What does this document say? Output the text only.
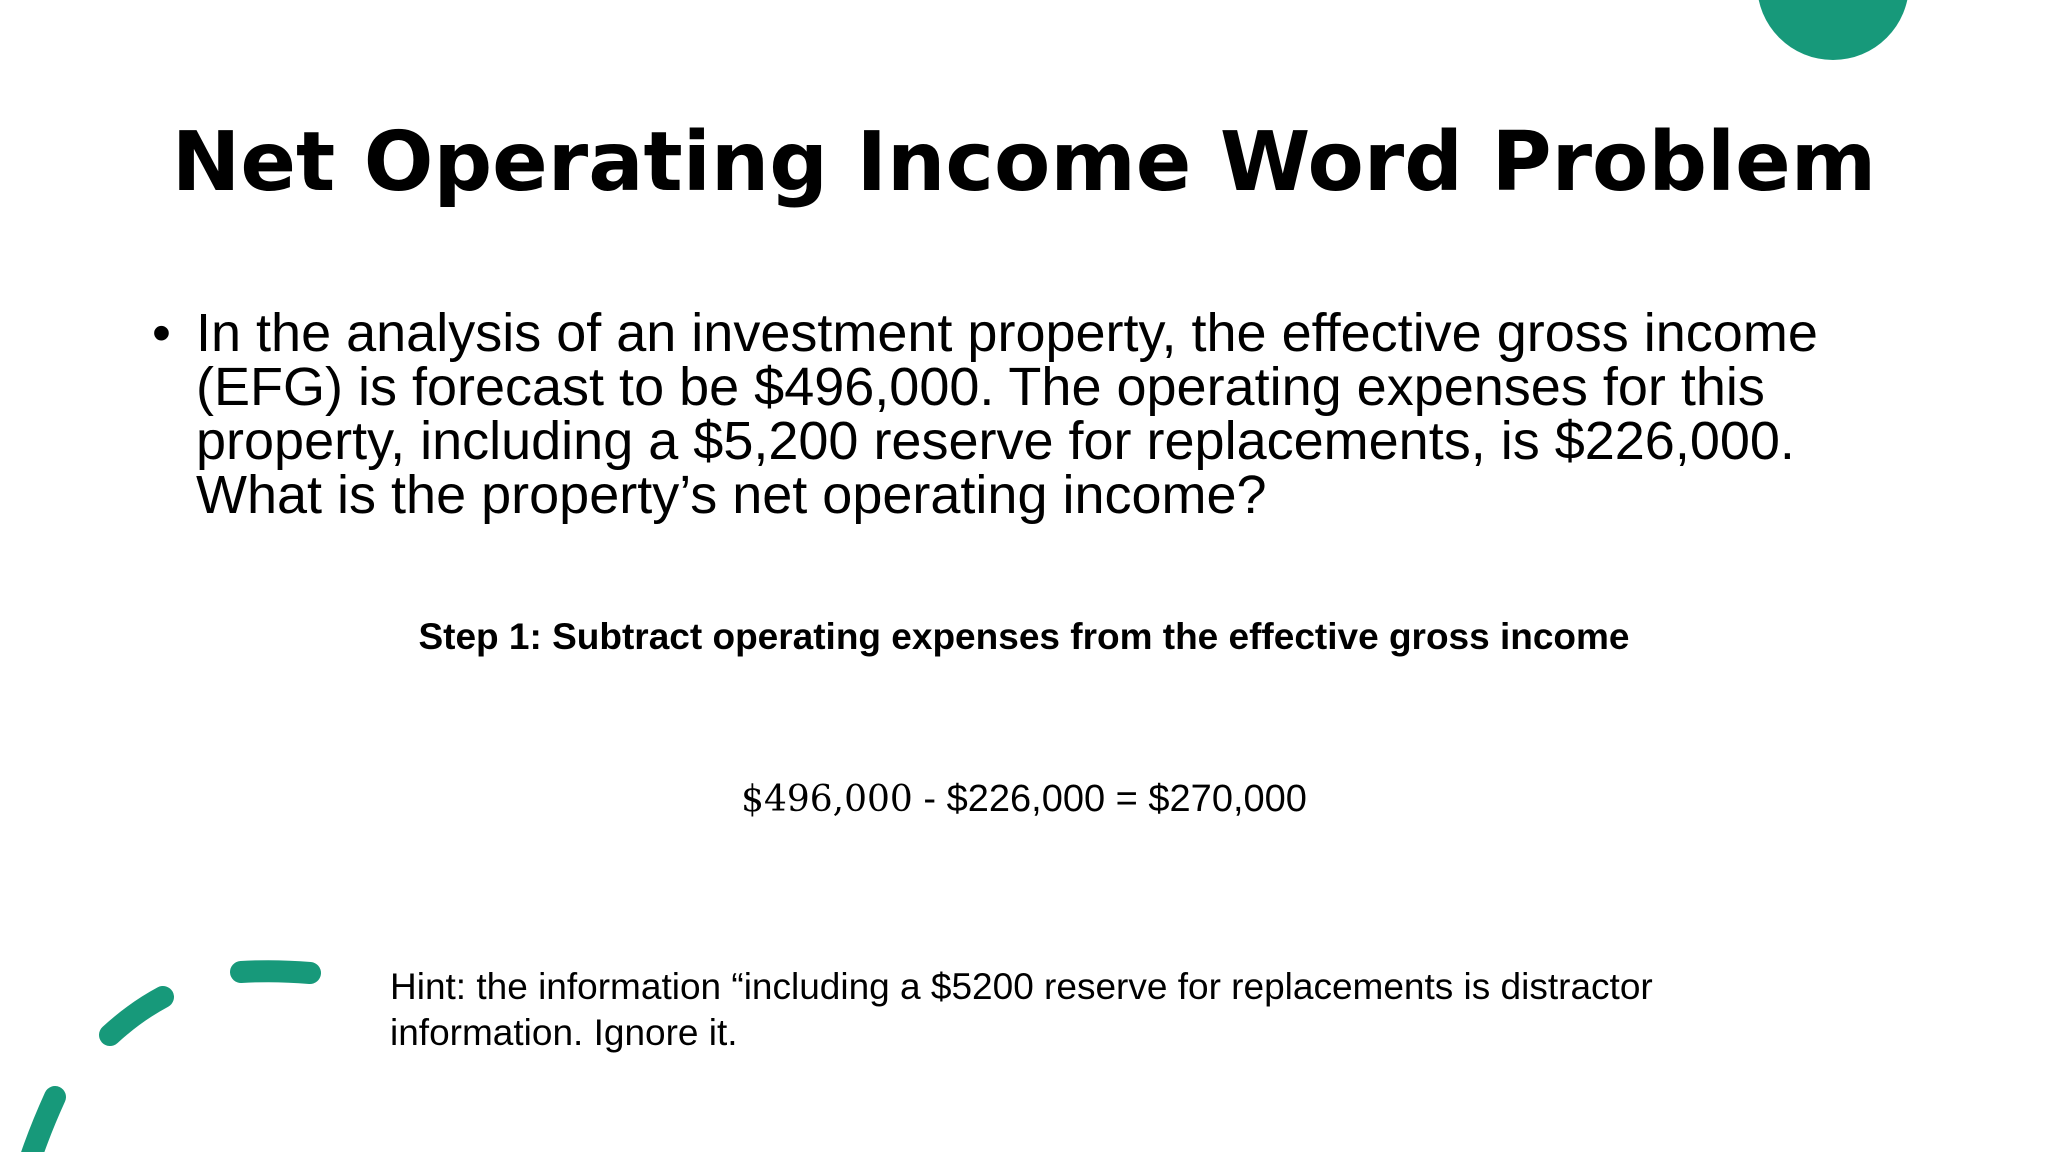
Net Operating Income Word Problem
• In the analysis of an investment property, the effective gross income (EFG) is forecast to be $496,000. The operating expenses for this property, including a $5,200 reserve for replacements, is $226,000. What is the property’s net operating income?
Step 1: Subtract operating expenses from the effective gross income
$496,000 - $226,000 = $270,000
Hint: the information “including a $5200 reserve for replacements is distractor information. Ignore it.
